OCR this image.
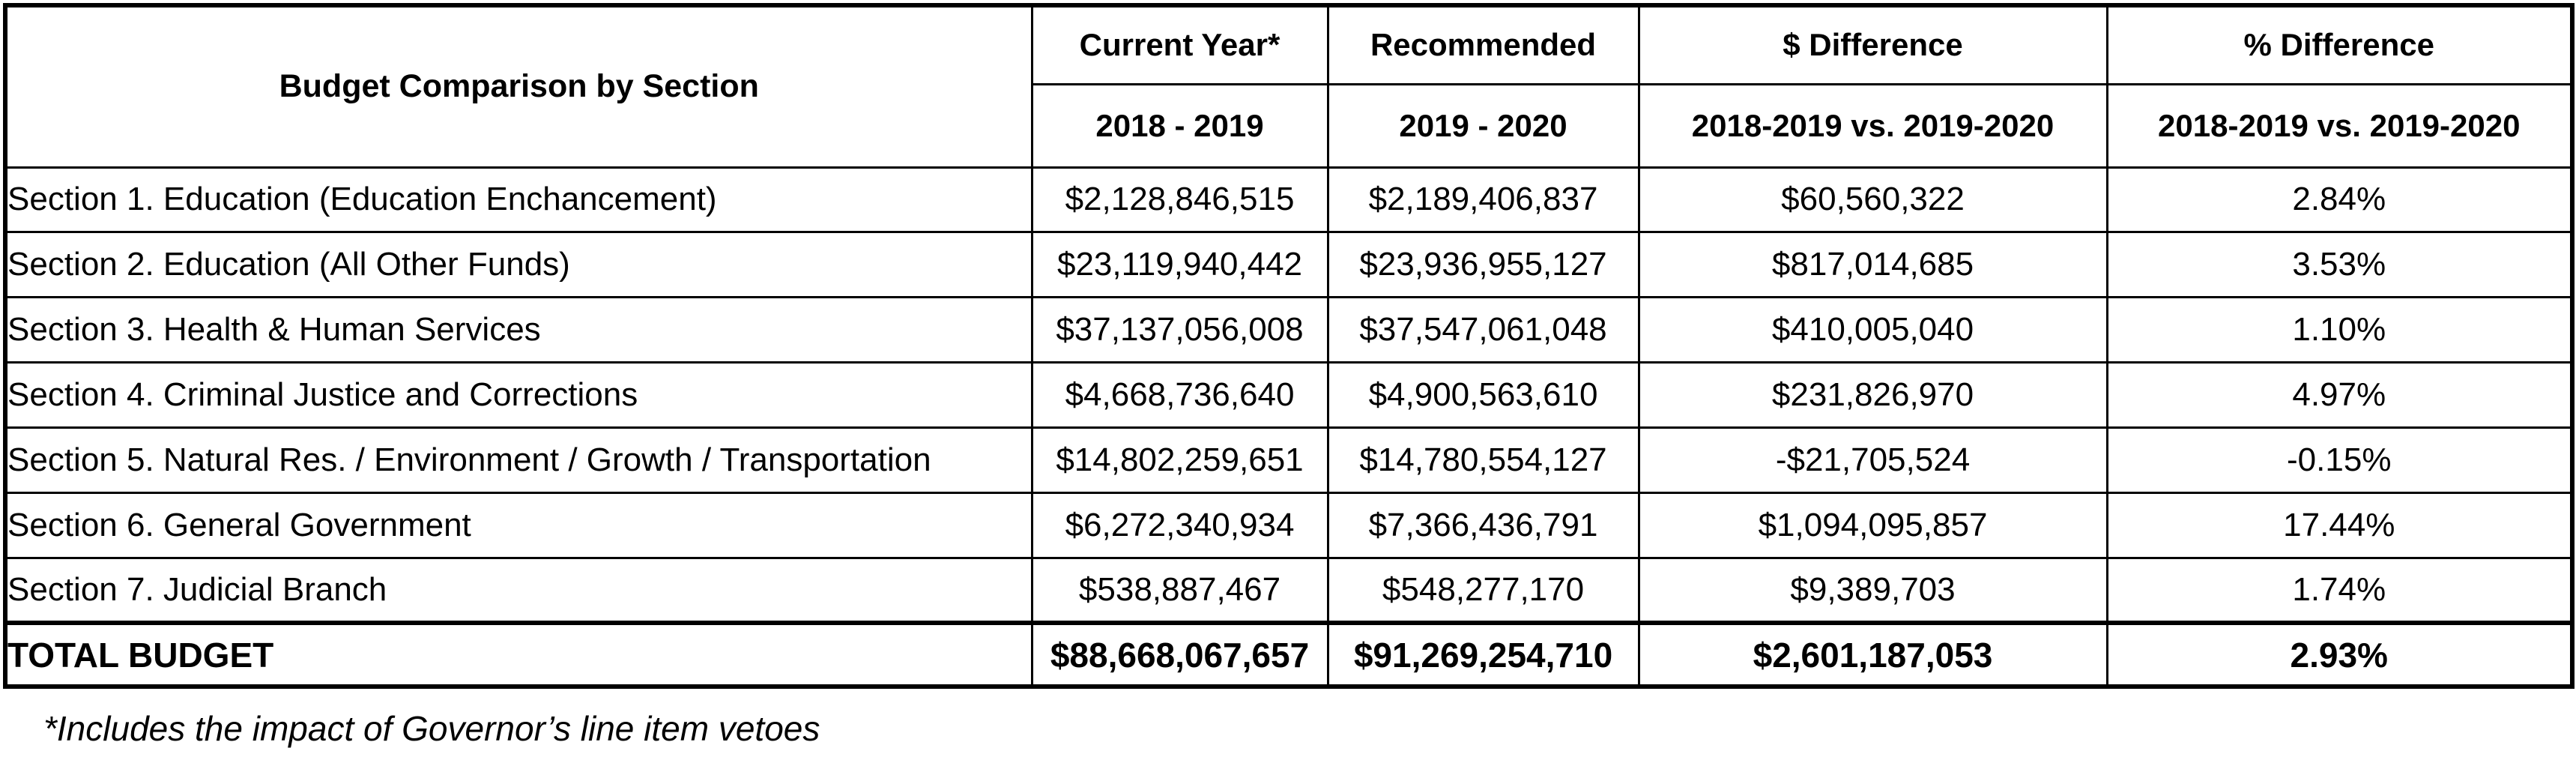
Budget Comparison by Section	Current Year*	Recommended	$ Difference	% Difference
	2018 - 2019	2019 - 2020	2018-2019 vs. 2019-2020	2018-2019 vs. 2019-2020
Section 1. Education (Education Enchancement)	$2,128,846,515	$2,189,406,837	$60,560,322	2.84%
Section 2. Education (All Other Funds)	$23,119,940,442	$23,936,955,127	$817,014,685	3.53%
Section 3. Health & Human Services	$37,137,056,008	$37,547,061,048	$410,005,040	1.10%
Section 4. Criminal Justice and Corrections	$4,668,736,640	$4,900,563,610	$231,826,970	4.97%
Section 5. Natural Res. / Environment / Growth / Transportation	$14,802,259,651	$14,780,554,127	-$21,705,524	-0.15%
Section 6. General Government	$6,272,340,934	$7,366,436,791	$1,094,095,857	17.44%
Section 7. Judicial Branch	$538,887,467	$548,277,170	$9,389,703	1.74%
TOTAL BUDGET	$88,668,067,657	$91,269,254,710	$2,601,187,053	2.93%
*Includes the impact of Governor’s line item vetoes
